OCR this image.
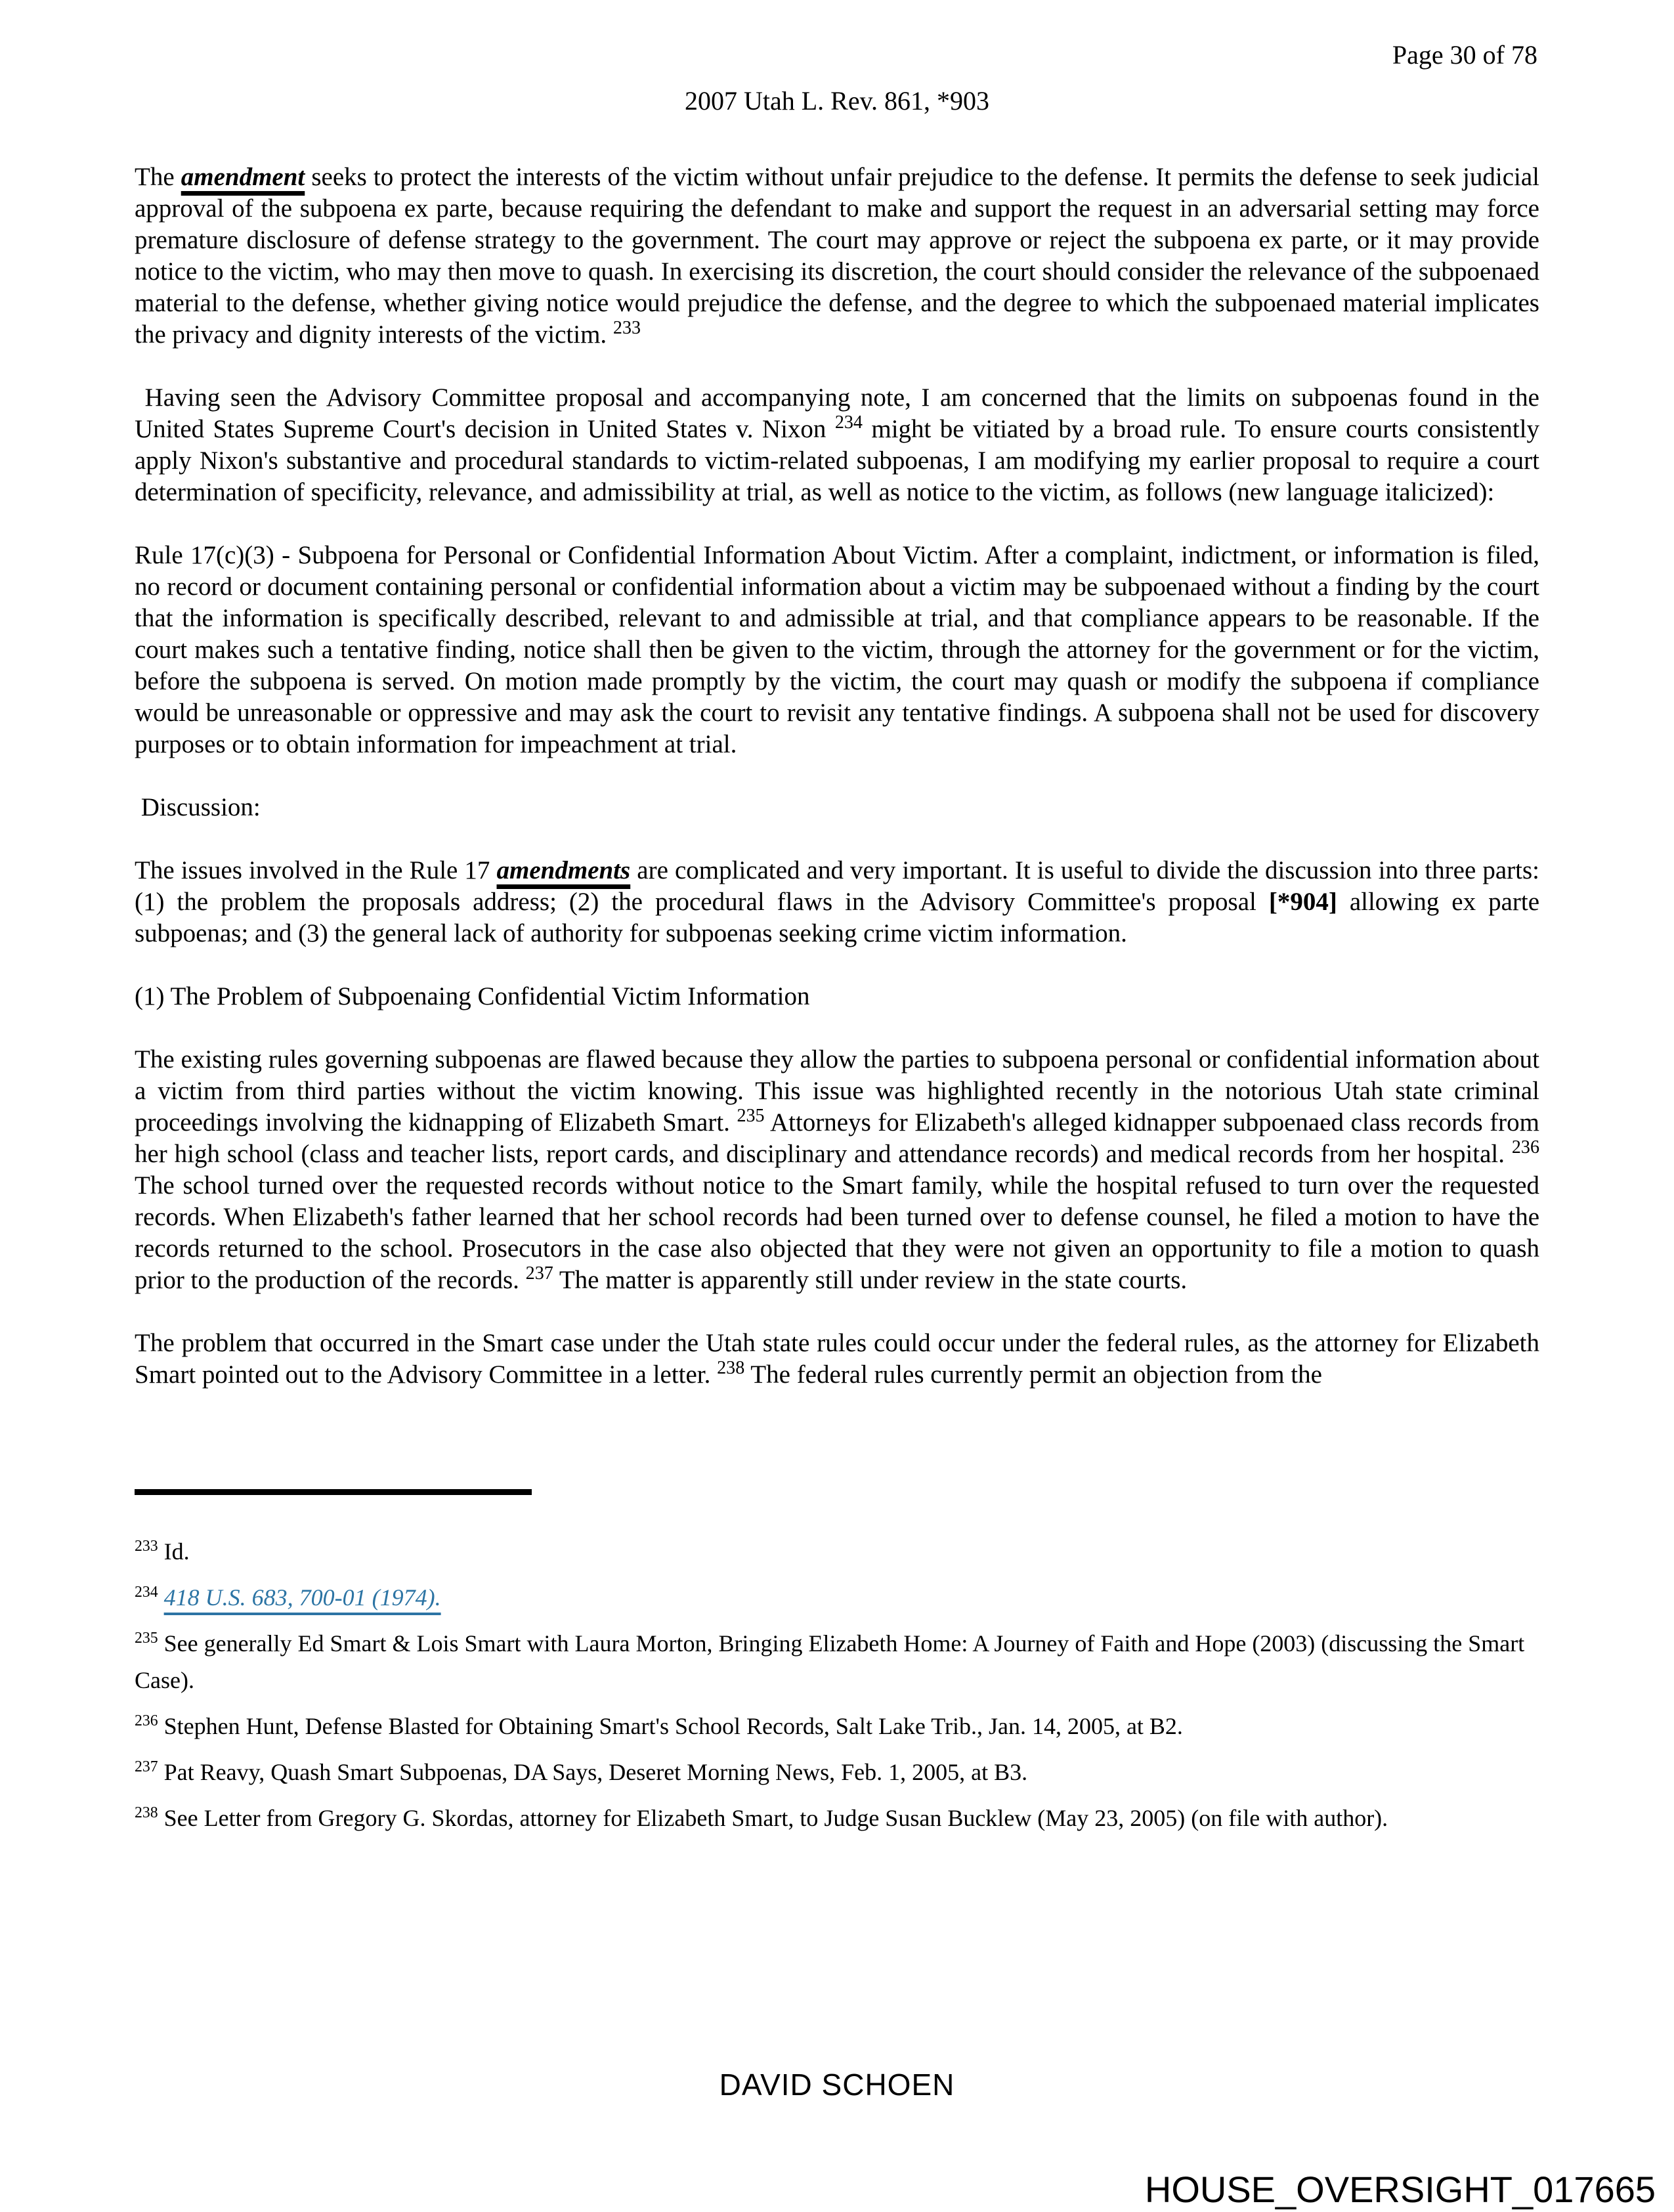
Page 30 of 78
2007 Utah L. Rev. 861, *903

The amendment seeks to protect the interests of the victim without unfair prejudice to the defense. It permits the defense to seek judicial approval of the subpoena ex parte, because requiring the defendant to make and support the request in an adversarial setting may force premature disclosure of defense strategy to the government. The court may approve or reject the subpoena ex parte, or it may provide notice to the victim, who may then move to quash. In exercising its discretion, the court should consider the relevance of the subpoenaed material to the defense, whether giving notice would prejudice the defense, and the degree to which the subpoenaed material implicates the privacy and dignity interests of the victim. $^{233}$

Having seen the Advisory Committee proposal and accompanying note, I am concerned that the limits on subpoenas found in the United States Supreme Court's decision in United States v. Nixon $^{234}$ might be vitiated by a broad rule. To ensure courts consistently apply Nixon's substantive and procedural standards to victim-related subpoenas, I am modifying my earlier proposal to require a court determination of specificity, relevance, and admissibility at trial, as well as notice to the victim, as follows (new language italicized):

Rule 17(c)(3) - Subpoena for Personal or Confidential Information About Victim. After a complaint, indictment, or information is filed, no record or document containing personal or confidential information about a victim may be subpoenaed without a finding by the court that the information is specifically described, relevant to and admissible at trial, and that compliance appears to be reasonable. If the court makes such a tentative finding, notice shall then be given to the victim, through the attorney for the government or for the victim, before the subpoena is served. On motion made promptly by the victim, the court may quash or modify the subpoena if compliance would be unreasonable or oppressive and may ask the court to revisit any tentative findings. A subpoena shall not be used for discovery purposes or to obtain information for impeachment at trial.

Discussion:

The issues involved in the Rule 17 amendments are complicated and very important. It is useful to divide the discussion into three parts: (1) the problem the proposals address; (2) the procedural flaws in the Advisory Committee's proposal [*904] allowing ex parte subpoenas; and (3) the general lack of authority for subpoenas seeking crime victim information.

(1) The Problem of Subpoenaing Confidential Victim Information

The existing rules governing subpoenas are flawed because they allow the parties to subpoena personal or confidential information about a victim from third parties without the victim knowing. This issue was highlighted recently in the notorious Utah state criminal proceedings involving the kidnapping of Elizabeth Smart. $^{235}$ Attorneys for Elizabeth's alleged kidnapper subpoenaed class records from her high school (class and teacher lists, report cards, and disciplinary and attendance records) and medical records from her hospital. $^{236}$ The school turned over the requested records without notice to the Smart family, while the hospital refused to turn over the requested records. When Elizabeth's father learned that her school records had been turned over to defense counsel, he filed a motion to have the records returned to the school. Prosecutors in the case also objected that they were not given an opportunity to file a motion to quash prior to the production of the records. $^{237}$ The matter is apparently still under review in the state courts.

The problem that occurred in the Smart case under the Utah state rules could occur under the federal rules, as the attorney for Elizabeth Smart pointed out to the Advisory Committee in a letter. $^{238}$ The federal rules currently permit an objection from the

$^{233}$ Id.

$^{234}$ 418 U.S. 683, 700-01 (1974).

$^{235}$ See generally Ed Smart & Lois Smart with Laura Morton, Bringing Elizabeth Home: A Journey of Faith and Hope (2003) (discussing the Smart Case).

$^{236}$ Stephen Hunt, Defense Blasted for Obtaining Smart's School Records, Salt Lake Trib., Jan. 14, 2005, at B2.

$^{237}$ Pat Reavy, Quash Smart Subpoenas, DA Says, Deseret Morning News, Feb. 1, 2005, at B3.

$^{238}$ See Letter from Gregory G. Skordas, attorney for Elizabeth Smart, to Judge Susan Bucklew (May 23, 2005) (on file with author).

DAVID SCHOEN
HOUSE_OVERSIGHT_017665
